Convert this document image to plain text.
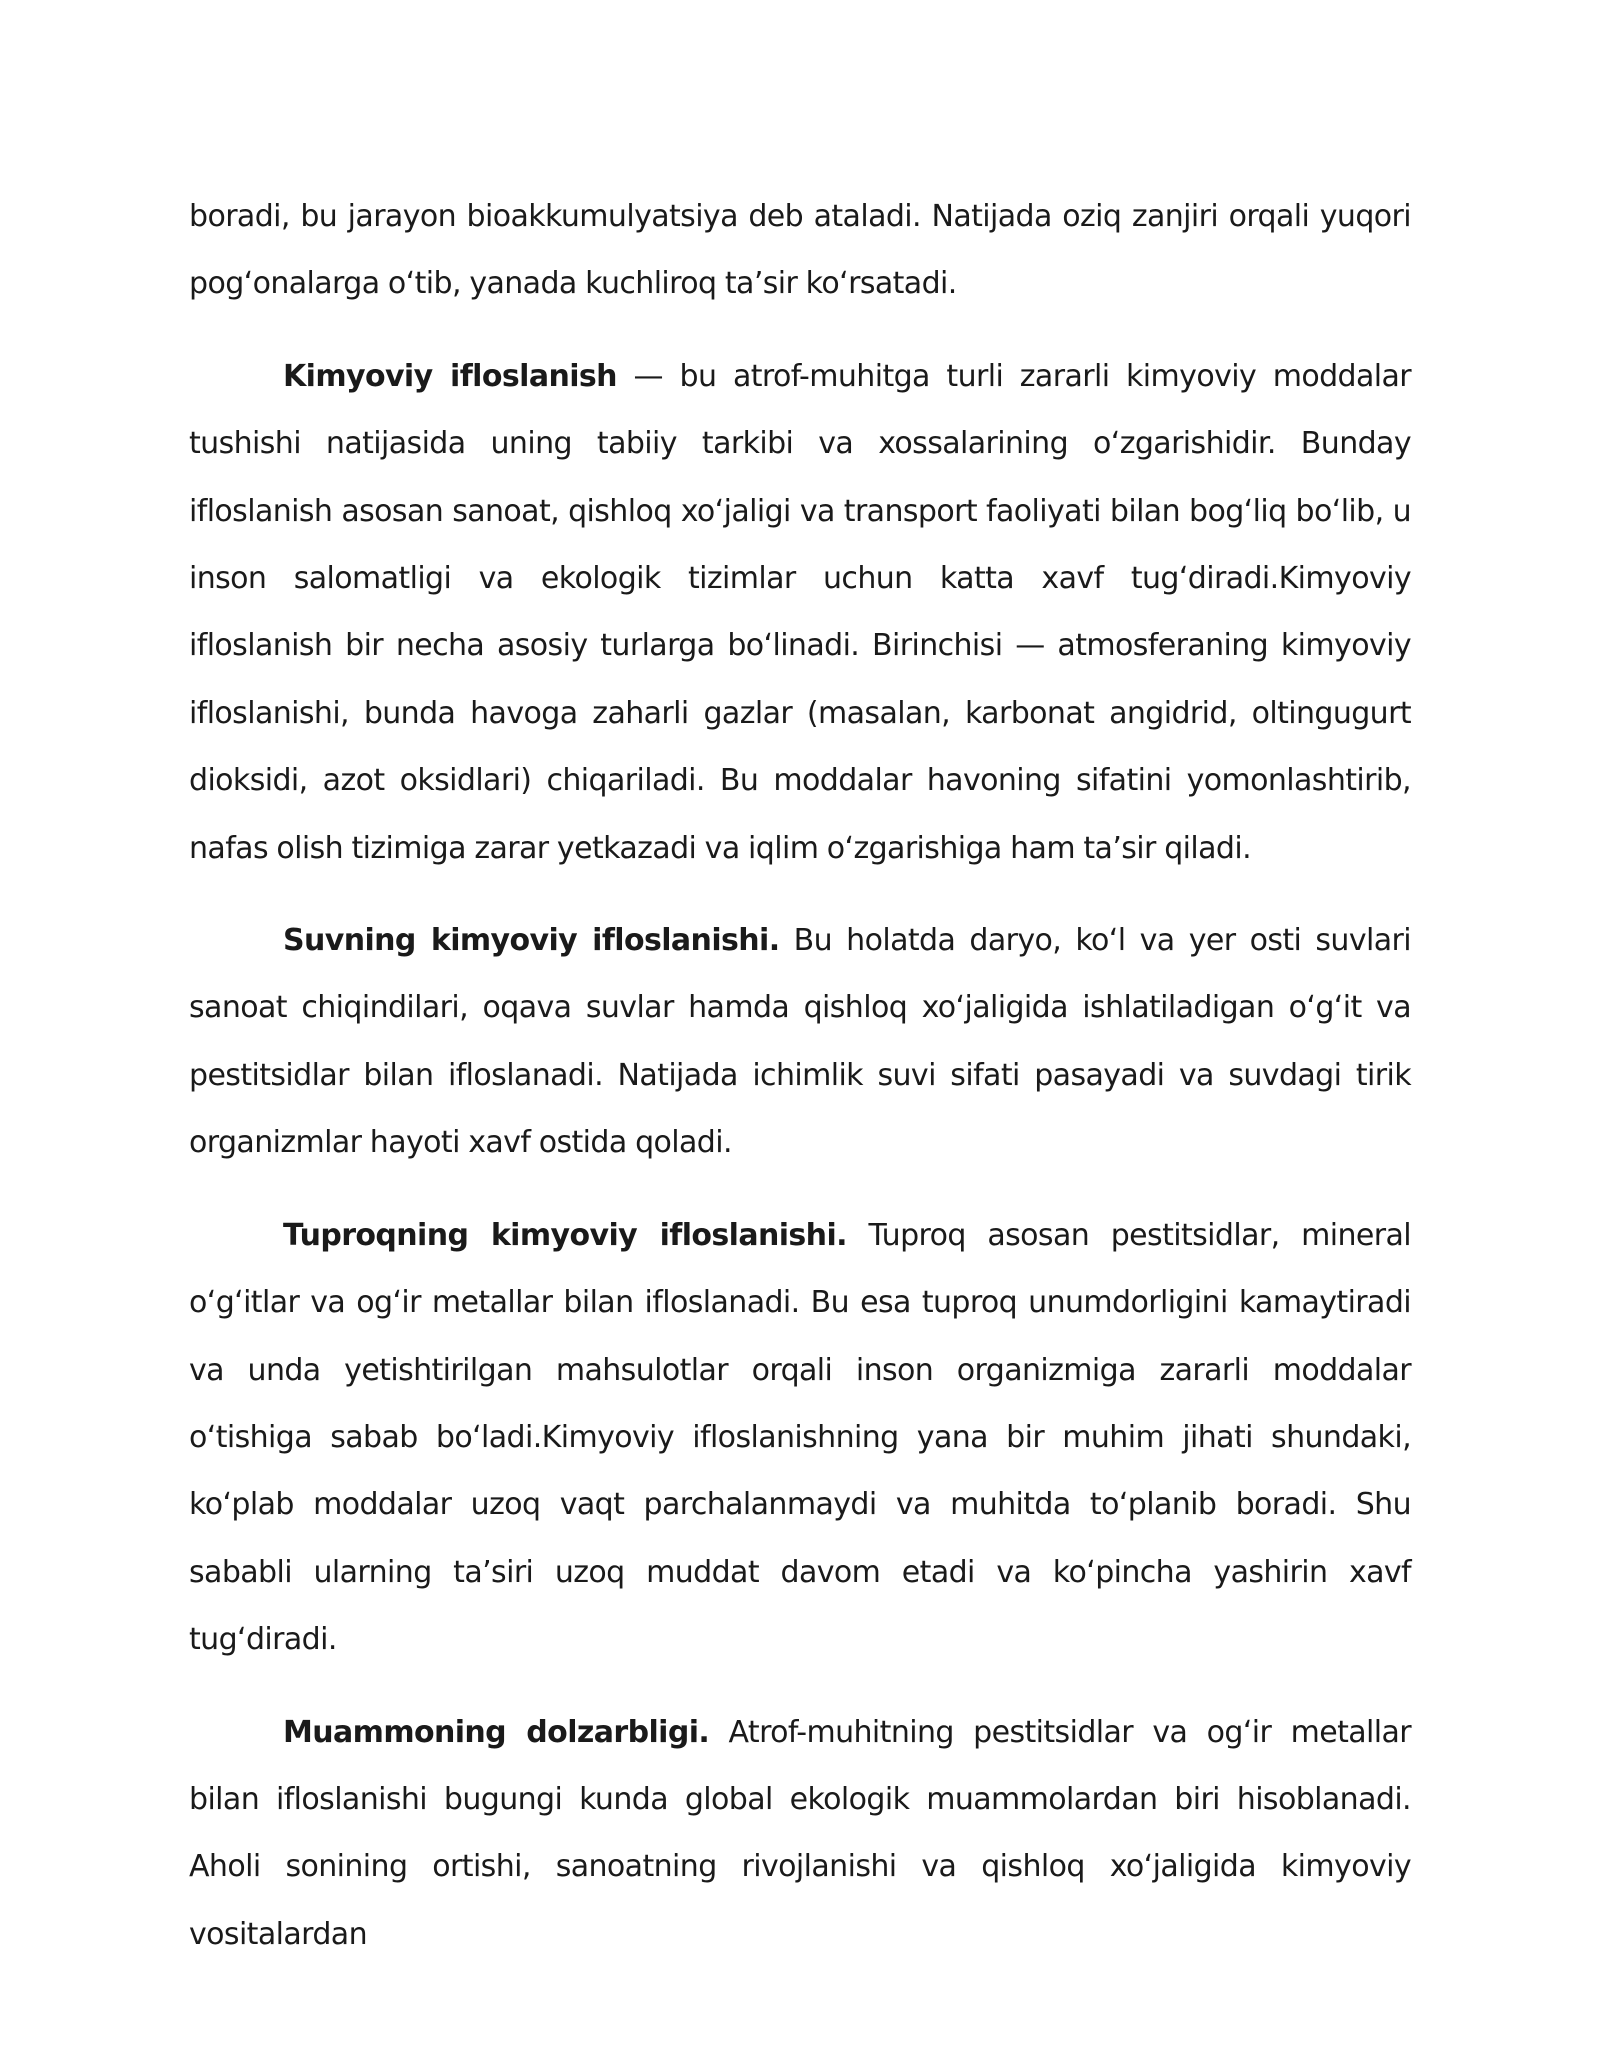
boradi, bu jarayon bioakkumulyatsiya deb ataladi. Natijada oziq zanjiri orqali yuqori pog‘onalarga o‘tib, yanada kuchliroq ta’sir ko‘rsatadi.

Kimyoviy ifloslanish — bu atrof-muhitga turli zararli kimyoviy moddalar tushishi natijasida uning tabiiy tarkibi va xossalarining o‘zgarishidir. Bunday ifloslanish asosan sanoat, qishloq xo‘jaligi va transport faoliyati bilan bog‘liq bo‘lib, u inson salomatligi va ekologik tizimlar uchun katta xavf tug‘diradi.Kimyoviy ifloslanish bir necha asosiy turlarga bo‘linadi. Birinchisi — atmosferaning kimyoviy ifloslanishi, bunda havoga zaharli gazlar (masalan, karbonat angidrid, oltingugurt dioksidi, azot oksidlari) chiqariladi. Bu moddalar havoning sifatini yomonlashtirib, nafas olish tizimiga zarar yetkazadi va iqlim o‘zgarishiga ham ta’sir qiladi.

Suvning kimyoviy ifloslanishi. Bu holatda daryo, ko‘l va yer osti suvlari sanoat chiqindilari, oqava suvlar hamda qishloq xo‘jaligida ishlatiladigan o‘g‘it va pestitsidlar bilan ifloslanadi. Natijada ichimlik suvi sifati pasayadi va suvdagi tirik organizmlar hayoti xavf ostida qoladi.

Tuproqning kimyoviy ifloslanishi. Tuproq asosan pestitsidlar, mineral o‘g‘itlar va og‘ir metallar bilan ifloslanadi. Bu esa tuproq unumdorligini kamaytiradi va unda yetishtirilgan mahsulotlar orqali inson organizmiga zararli moddalar o‘tishiga sabab bo‘ladi.Kimyoviy ifloslanishning yana bir muhim jihati shundaki, ko‘plab moddalar uzoq vaqt parchalanmaydi va muhitda to‘planib boradi. Shu sababli ularning ta’siri uzoq muddat davom etadi va ko‘pincha yashirin xavf tug‘diradi.

Muammoning dolzarbligi. Atrof-muhitning pestitsidlar va og‘ir metallar bilan ifloslanishi bugungi kunda global ekologik muammolardan biri hisoblanadi. Aholi sonining ortishi, sanoatning rivojlanishi va qishloq xo‘jaligida kimyoviy vositalardan
